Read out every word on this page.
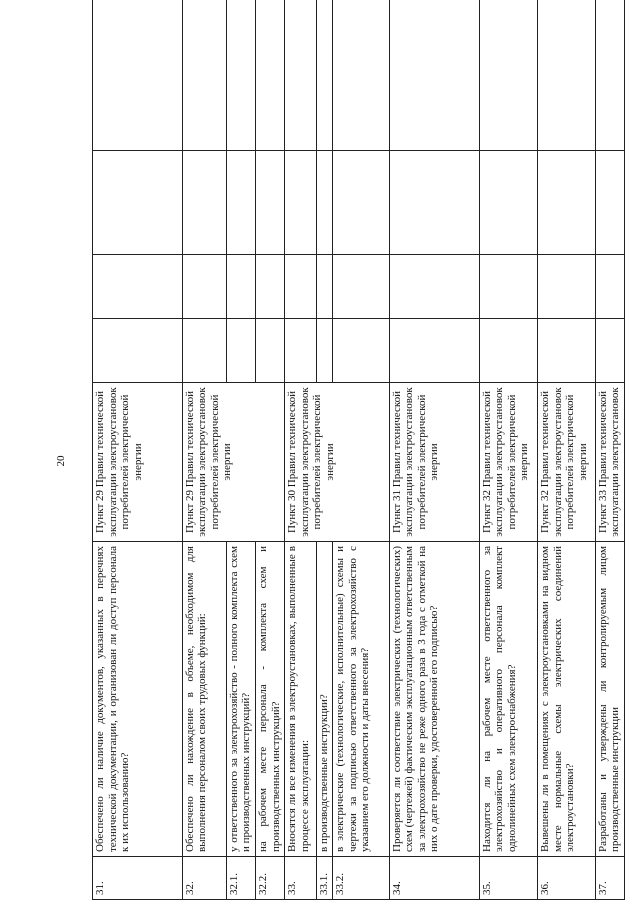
20
31.	Обеспечено ли наличие документов, указанных в перечнях технической документации, и организован ли доступ персонала к их использованию?	Пункт 29 Правил технической эксплуатации электроустановок потребителей электрической энергии				
32.	Обеспечено ли нахождение в объеме, необходимом для выполнения персоналом своих трудовых функций:	Пункт 29 Правил технической эксплуатации электроустановок потребителей электрической энергии				
32.1.	у ответственного за электрохозяйство - полного комплекта схем и производственных инструкций?					
32.2.	на рабочем месте персонала - комплекта схем и производственных инструкций?					
33.	Вносятся ли все изменения в электроустановках, выполненные в процессе эксплуатации:	Пункт 30 Правил технической эксплуатации электроустановок потребителей электрической энергии				
33.1.	в производственные инструкции?					
33.2.	в электрические (технологические, исполнительные) схемы и чертежи за подписью ответственного за электрохозяйство с указанием его должности и даты внесения?					
34.	Проверяется ли соответствие электрических (технологических) схем (чертежей) фактическим эксплуатационным ответственным за электрохозяйство не реже одного раза в 3 года с отметкой на них о дате проверки, удостоверенной его подписью?	Пункт 31 Правил технической эксплуатации электроустановок потребителей электрической энергии				
35.	Находится ли на рабочем месте ответственного за электрохозяйство и оперативного персонала комплект однолинейных схем электроснабжения?	Пункт 32 Правил технической эксплуатации электроустановок потребителей электрической энергии				
36.	Вывешены ли в помещениях с электроустановками на видном месте нормальные схемы электрических соединений электроустановки?	Пункт 32 Правил технической эксплуатации электроустановок потребителей электрической энергии				
37.	Разработаны и утверждены ли контролируемым лицом производственные инструкции	Пункт 33 Правил технической эксплуатации электроустановок				
